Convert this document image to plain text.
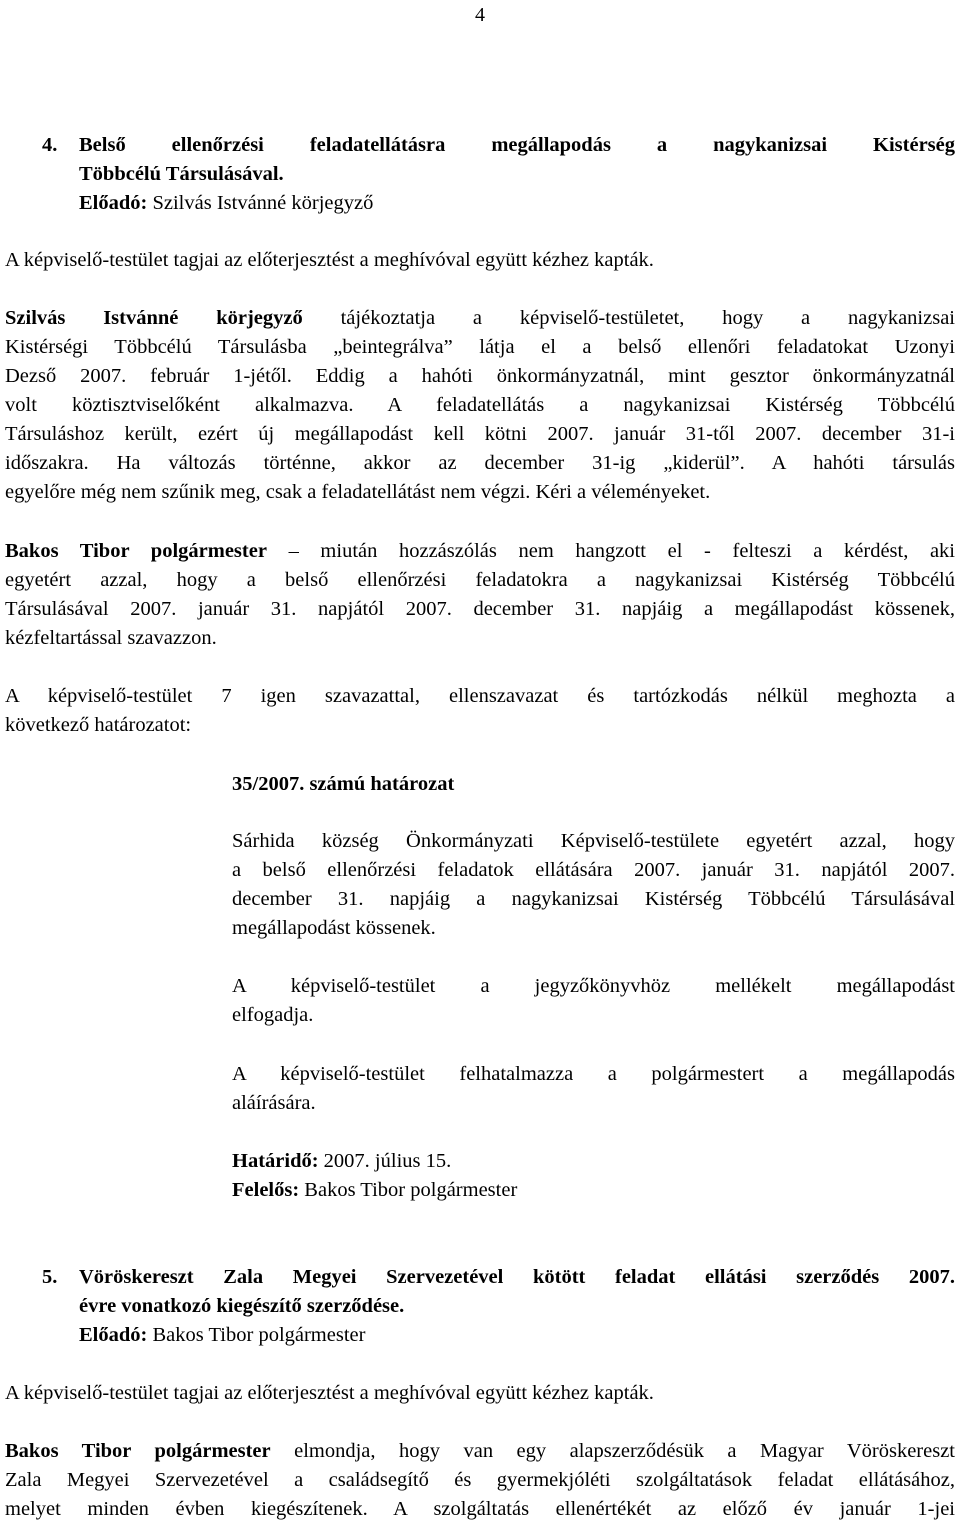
4
4.	Belső ellenőrzési feladatellátásra megállapodás a nagykanizsai Kistérség
Többcélú Társulásával.
Előadó: Szilvás Istvánné körjegyző

A képviselő-testület tagjai az előterjesztést a meghívóval együtt kézhez kapták.

Szilvás Istvánné körjegyző tájékoztatja a képviselő-testületet, hogy a nagykanizsai
Kistérségi Többcélú Társulásba „beintegrálva” látja el a belső ellenőri feladatokat Uzonyi
Dezső 2007. február 1-jétől. Eddig a hahóti önkormányzatnál, mint gesztor önkormányzatnál
volt köztisztviselőként alkalmazva. A feladatellátás a nagykanizsai Kistérség Többcélú
Társuláshoz került, ezért új megállapodást kell kötni 2007. január 31-től 2007. december 31-i
időszakra. Ha változás történne, akkor az december 31-ig „kiderül”. A hahóti társulás
egyelőre még nem szűnik meg, csak a feladatellátást nem végzi. Kéri a véleményeket.
Bakos Tibor polgármester – miután hozzászólás nem hangzott el - felteszi a kérdést, aki
egyetért azzal, hogy a belső ellenőrzési feladatokra a nagykanizsai Kistérség Többcélú
Társulásával 2007. január 31. napjától 2007. december 31. napjáig a megállapodást kössenek,
kézfeltartással szavazzon.
A képviselő-testület 7 igen szavazattal, ellenszavazat és tartózkodás nélkül meghozta a
következő határozatot:
35/2007. számú határozat
Sárhida község Önkormányzati Képviselő-testülete egyetért azzal, hogy
a belső ellenőrzési feladatok ellátására 2007. január 31. napjától 2007.
december 31. napjáig a nagykanizsai Kistérség Többcélú Társulásával
megállapodást kössenek.
A képviselő-testület a jegyzőkönyvhöz mellékelt megállapodást
elfogadja.
A képviselő-testület felhatalmazza a polgármestert a megállapodás
aláírására.
Határidő: 2007. július 15.
Felelős: Bakos Tibor polgármester
5.	Vöröskereszt Zala Megyei Szervezetével kötött feladat ellátási szerződés 2007.
évre vonatkozó kiegészítő szerződése.
Előadó: Bakos Tibor polgármester

A képviselő-testület tagjai az előterjesztést a meghívóval együtt kézhez kapták.

Bakos Tibor polgármester elmondja, hogy van egy alapszerződésük a Magyar Vöröskereszt
Zala Megyei Szervezetével a családsegítő és gyermekjóléti szolgáltatások feladat ellátásához,
melyet minden évben kiegészítenek. A szolgáltatás ellenértékét az előző év január 1-jei
